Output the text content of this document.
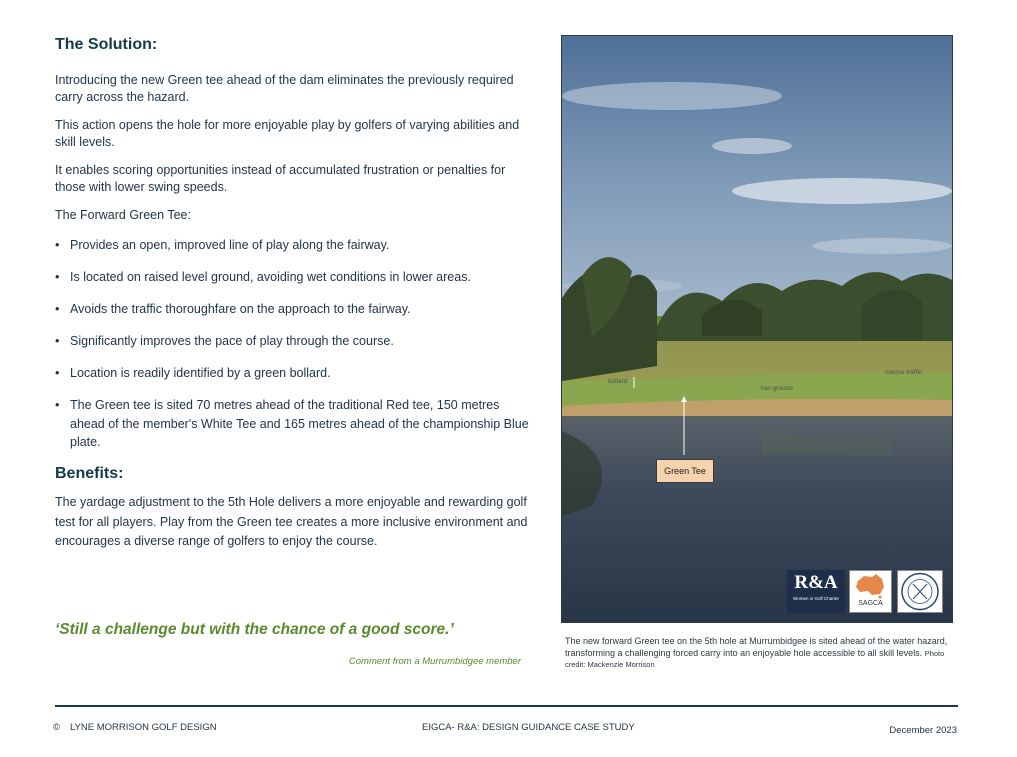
The Solution:

Introducing the new Green tee ahead of the dam eliminates the previously required carry across the hazard.

This action opens the hole for more enjoyable play by golfers of varying abilities and skill levels.

It enables scoring opportunities instead of accumulated frustration or penalties for those with lower swing speeds.

The Forward Green Tee:

• Provides an open, improved line of play along the fairway.
• Is located on raised level ground, avoiding wet conditions in lower areas.
• Avoids the traffic thoroughfare on the approach to the fairway.
• Significantly improves the pace of play through the course.
• Location is readily identified by a green bollard.
• The Green tee is sited 70 metres ahead of the traditional Red tee, 150 metres ahead of the member's White Tee and 165 metres ahead of the championship Blue plate.
Benefits:

The yardage adjustment to the 5th Hole delivers a more enjoyable and rewarding golf test for all players. Play from the Green tee creates a more inclusive environment and encourages a diverse range of golfers to enjoy the course.

‘Still a challenge but with the chance of a good score.’
Comment from a Murrumbidgee member
Green Tee
bollard
low ground
course traffic
R&A
Women in Golf Charter
SAGCA
The new forward Green tee on the 5th hole at Murrumbidgee is sited ahead of the water hazard, transforming a challenging forced carry into an enjoyable hole accessible to all skill levels. Photo credit: Mackenzie Morrison
© LYNE MORRISON GOLF DESIGN	EIGCA- R&A: DESIGN GUIDANCE CASE STUDY	December 2023
